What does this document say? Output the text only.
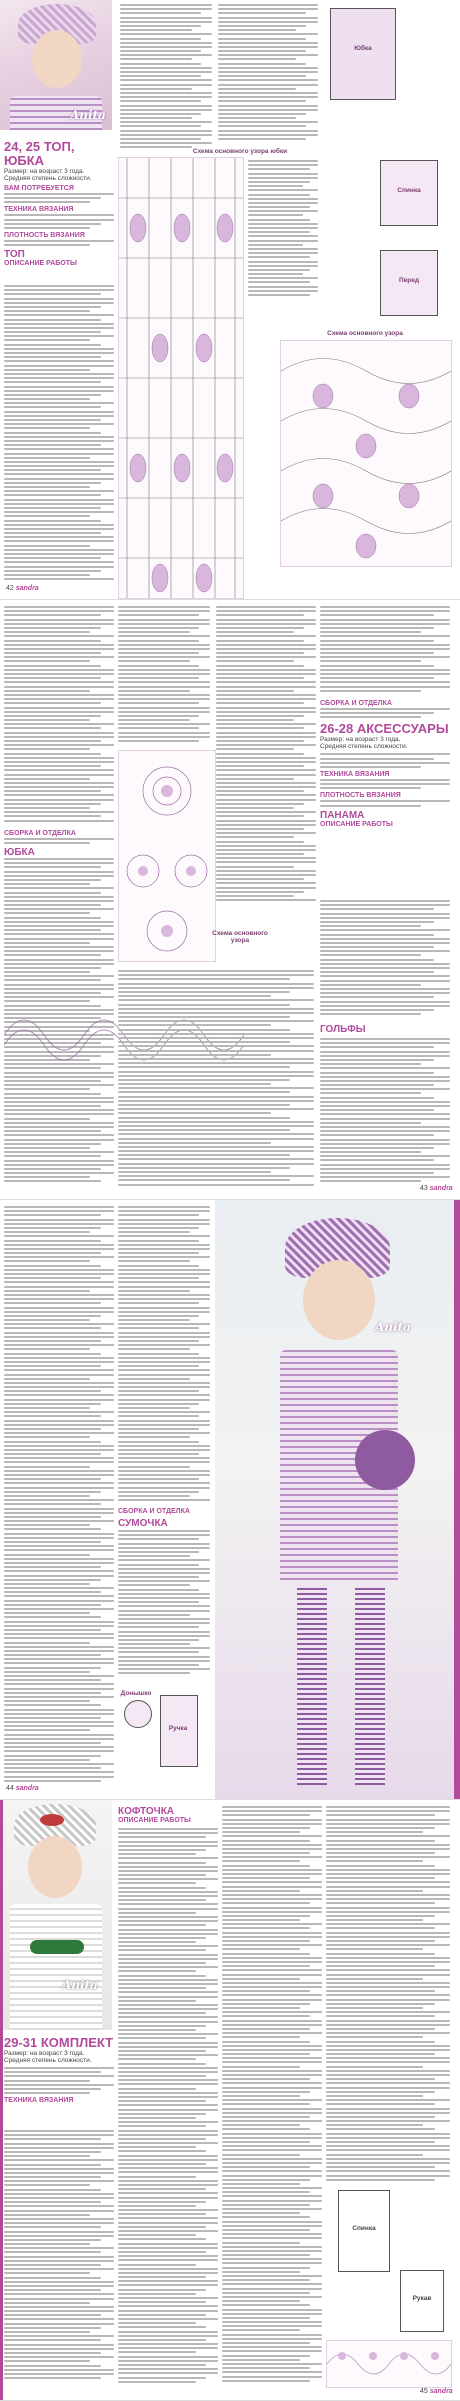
Anita
24, 25 ТОП, ЮБКА
Размер: на возраст 3 года.
Средняя степень сложности.
ВАМ ПОТРЕБУЕТСЯ
ТЕХНИКА ВЯЗАНИЯ
ПЛОТНОСТЬ ВЯЗАНИЯ
ТОП
ОПИСАНИЕ РАБОТЫ
Схема основного узора юбки
Юбка
Спинка
Перед
Схема основного узора
42 sandra
СБОРКА И ОТДЕЛКА
26-28 АКСЕССУАРЫ
Размер: на возраст 3 года.
Средняя степень сложности.
ТЕХНИКА ВЯЗАНИЯ
ПЛОТНОСТЬ ВЯЗАНИЯ
ПАНАМА
ОПИСАНИЕ РАБОТЫ
ГОЛЬФЫ
Схема основного узора
СБОРКА И ОТДЕЛКА
ЮБКА
43 sandra
СБОРКА И ОТДЕЛКА
СУМОЧКА
Донышко
Ручка
Anita
44 sandra
Anita
29-31 КОМПЛЕКТ
Размер: на возраст 3 года.
Средняя степень сложности.
ТЕХНИКА ВЯЗАНИЯ
КОФТОЧКА
ОПИСАНИЕ РАБОТЫ
Спинка
Рукав
45 sandra
